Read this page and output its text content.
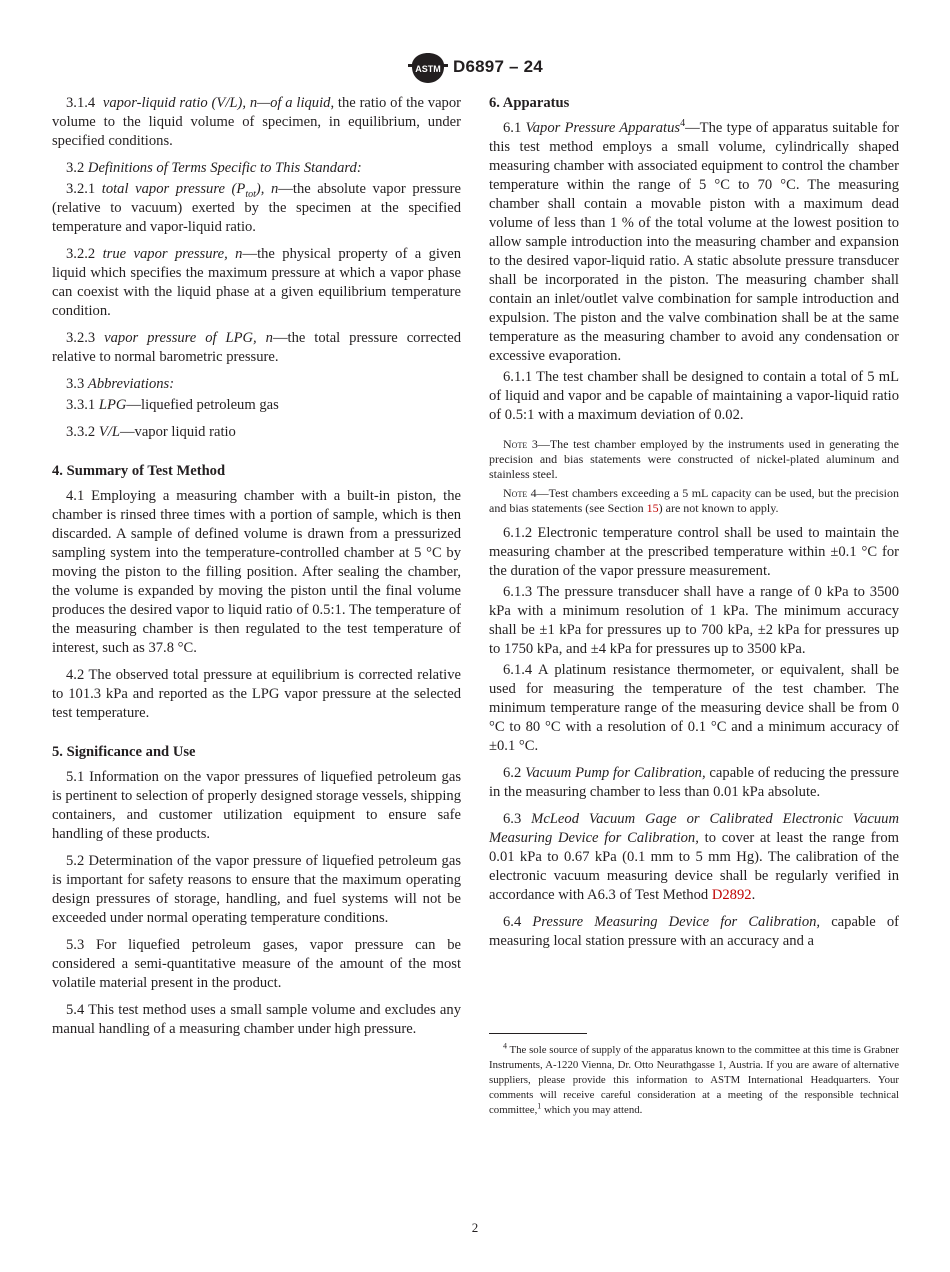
ASTM D6897 – 24

3.1.4 vapor-liquid ratio (V/L), n—of a liquid, the ratio of the vapor volume to the liquid volume of specimen, in equilibrium, under specified conditions.

3.2 Definitions of Terms Specific to This Standard:

3.2.1 total vapor pressure $(P_{tot})$, n—the absolute vapor pressure (relative to vacuum) exerted by the specimen at the specified temperature and vapor-liquid ratio.

3.2.2 true vapor pressure, n—the physical property of a given liquid which specifies the maximum pressure at which a vapor phase can coexist with the liquid phase at a given equilibrium temperature condition.

3.2.3 vapor pressure of LPG, n—the total pressure corrected relative to normal barometric pressure.

3.3 Abbreviations:

3.3.1 LPG—liquefied petroleum gas

3.3.2 V/L—vapor liquid ratio

4. Summary of Test Method

4.1 Employing a measuring chamber with a built-in piston, the chamber is rinsed three times with a portion of sample, which is then discarded. A sample of defined volume is drawn from a pressurized sampling system into the temperature-controlled chamber at 5 °C by moving the piston to the filling position. After sealing the chamber, the volume is expanded by moving the piston until the final volume produces the desired vapor to liquid ratio of 0.5:1. The temperature of the measuring chamber is then regulated to the test temperature of interest, such as 37.8 °C.

4.2 The observed total pressure at equilibrium is corrected relative to 101.3 kPa and reported as the LPG vapor pressure at the selected test temperature.

5. Significance and Use

5.1 Information on the vapor pressures of liquefied petroleum gas is pertinent to selection of properly designed storage vessels, shipping containers, and customer utilization equipment to ensure safe handling of these products.

5.2 Determination of the vapor pressure of liquefied petroleum gas is important for safety reasons to ensure that the maximum operating design pressures of storage, handling, and fuel systems will not be exceeded under normal operating temperature conditions.

5.3 For liquefied petroleum gases, vapor pressure can be considered a semi-quantitative measure of the amount of the most volatile material present in the product.

5.4 This test method uses a small sample volume and excludes any manual handling of a measuring chamber under high pressure.

6. Apparatus

6.1 Vapor Pressure Apparatus$^4$—The type of apparatus suitable for this test method employs a small volume, cylindrically shaped measuring chamber with associated equipment to control the chamber temperature within the range of 5 °C to 70 °C. The measuring chamber shall contain a movable piston with a maximum dead volume of less than 1 % of the total volume at the lowest position to allow sample introduction into the measuring chamber and expansion to the desired vapor-liquid ratio. A static absolute pressure transducer shall be incorporated in the piston. The measuring chamber shall contain an inlet/outlet valve combination for sample introduction and expulsion. The piston and the valve combination shall be at the same temperature as the measuring chamber to avoid any condensation or excessive evaporation.

6.1.1 The test chamber shall be designed to contain a total of 5 mL of liquid and vapor and be capable of maintaining a vapor-liquid ratio of 0.5:1 with a maximum deviation of 0.02.

Note 3—The test chamber employed by the instruments used in generating the precision and bias statements were constructed of nickel-plated aluminum and stainless steel.

Note 4—Test chambers exceeding a 5 mL capacity can be used, but the precision and bias statements (see Section 15) are not known to apply.

6.1.2 Electronic temperature control shall be used to maintain the measuring chamber at the prescribed temperature within ±0.1 °C for the duration of the vapor pressure measurement.

6.1.3 The pressure transducer shall have a range of 0 kPa to 3500 kPa with a minimum resolution of 1 kPa. The minimum accuracy shall be ±1 kPa for pressures up to 700 kPa, ±2 kPa for pressures up to 1750 kPa, and ±4 kPa for pressures up to 3500 kPa.

6.1.4 A platinum resistance thermometer, or equivalent, shall be used for measuring the temperature of the test chamber. The minimum temperature range of the measuring device shall be from 0 °C to 80 °C with a resolution of 0.1 °C and a minimum accuracy of ±0.1 °C.

6.2 Vacuum Pump for Calibration, capable of reducing the pressure in the measuring chamber to less than 0.01 kPa absolute.

6.3 McLeod Vacuum Gage or Calibrated Electronic Vacuum Measuring Device for Calibration, to cover at least the range from 0.01 kPa to 0.67 kPa (0.1 mm to 5 mm Hg). The calibration of the electronic vacuum measuring device shall be regularly verified in accordance with A6.3 of Test Method D2892.

6.4 Pressure Measuring Device for Calibration, capable of measuring local station pressure with an accuracy and a

$^4$ The sole source of supply of the apparatus known to the committee at this time is Grabner Instruments, A-1220 Vienna, Dr. Otto Neurathgasse 1, Austria. If you are aware of alternative suppliers, please provide this information to ASTM International Headquarters. Your comments will receive careful consideration at a meeting of the responsible technical committee,$^1$ which you may attend.

2
